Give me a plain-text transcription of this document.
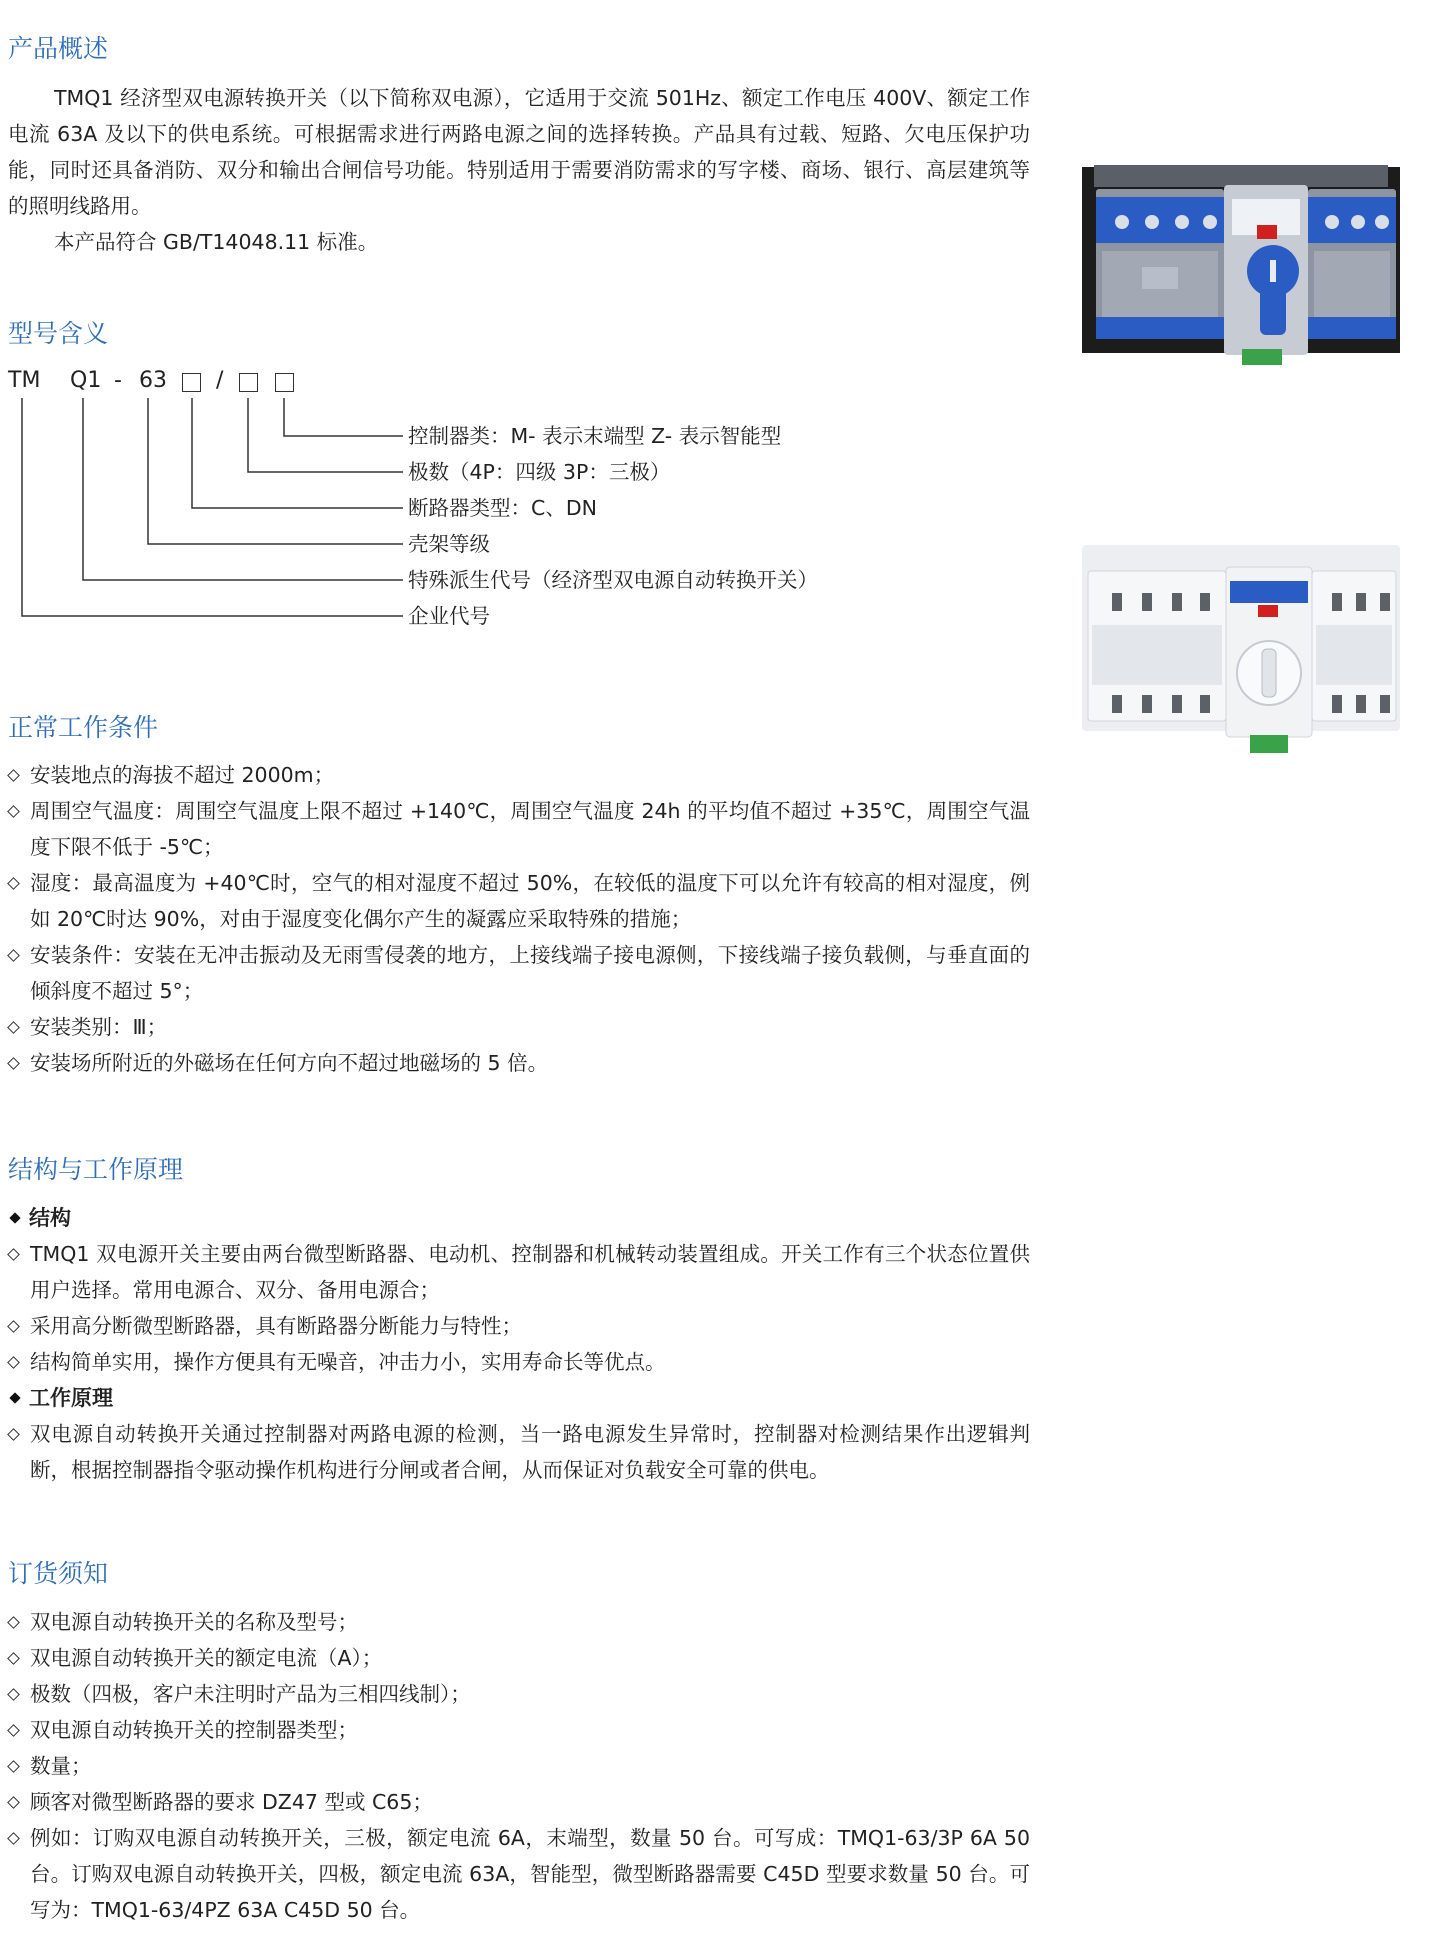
产品概述

TMQ1 经济型双电源转换开关（以下简称双电源），它适用于交流 501Hz、额定工作电压 400V、额定工作电流 63A 及以下的供电系统。可根据需求进行两路电源之间的选择转换。产品具有过载、短路、欠电压保护功能，同时还具备消防、双分和输出合闸信号功能。特别适用于需要消防需求的写字楼、商场、银行、高层建筑等的照明线路用。

本产品符合 GB/T14048.11 标准。

型号含义
TM Q1 - 63 /
控制器类：M- 表示末端型 Z- 表示智能型
极数（4P：四级 3P：三极）
断路器类型：C、DN
壳架等级
特殊派生代号（经济型双电源自动转换开关）
企业代号
正常工作条件
安装地点的海拔不超过 2000m；
周围空气温度：周围空气温度上限不超过 +140℃，周围空气温度 24h 的平均值不超过 +35℃，周围空气温度下限不低于 -5℃；
湿度：最高温度为 +40℃时，空气的相对湿度不超过 50%，在较低的温度下可以允许有较高的相对湿度，例如 20℃时达 90%，对由于湿度变化偶尔产生的凝露应采取特殊的措施；
安装条件：安装在无冲击振动及无雨雪侵袭的地方，上接线端子接电源侧，下接线端子接负载侧，与垂直面的倾斜度不超过 5°；
安装类别：Ⅲ；
安装场所附近的外磁场在任何方向不超过地磁场的 5 倍。
结构与工作原理
结构
TMQ1 双电源开关主要由两台微型断路器、电动机、控制器和机械转动装置组成。开关工作有三个状态位置供用户选择。常用电源合、双分、备用电源合；
采用高分断微型断路器，具有断路器分断能力与特性；
结构简单实用，操作方便具有无噪音，冲击力小，实用寿命长等优点。
工作原理
双电源自动转换开关通过控制器对两路电源的检测，当一路电源发生异常时，控制器对检测结果作出逻辑判断，根据控制器指令驱动操作机构进行分闸或者合闸，从而保证对负载安全可靠的供电。
订货须知
双电源自动转换开关的名称及型号；
双电源自动转换开关的额定电流（A）；
极数（四极，客户未注明时产品为三相四线制）；
双电源自动转换开关的控制器类型；
数量；
顾客对微型断路器的要求 DZ47 型或 C65；
例如：订购双电源自动转换开关，三极，额定电流 6A，末端型，数量 50 台。可写成：TMQ1-63/3P 6A 50 台。订购双电源自动转换开关，四极，额定电流 63A，智能型，微型断路器需要 C45D 型要求数量 50 台。可写为：TMQ1-63/4PZ 63A C45D 50 台。
